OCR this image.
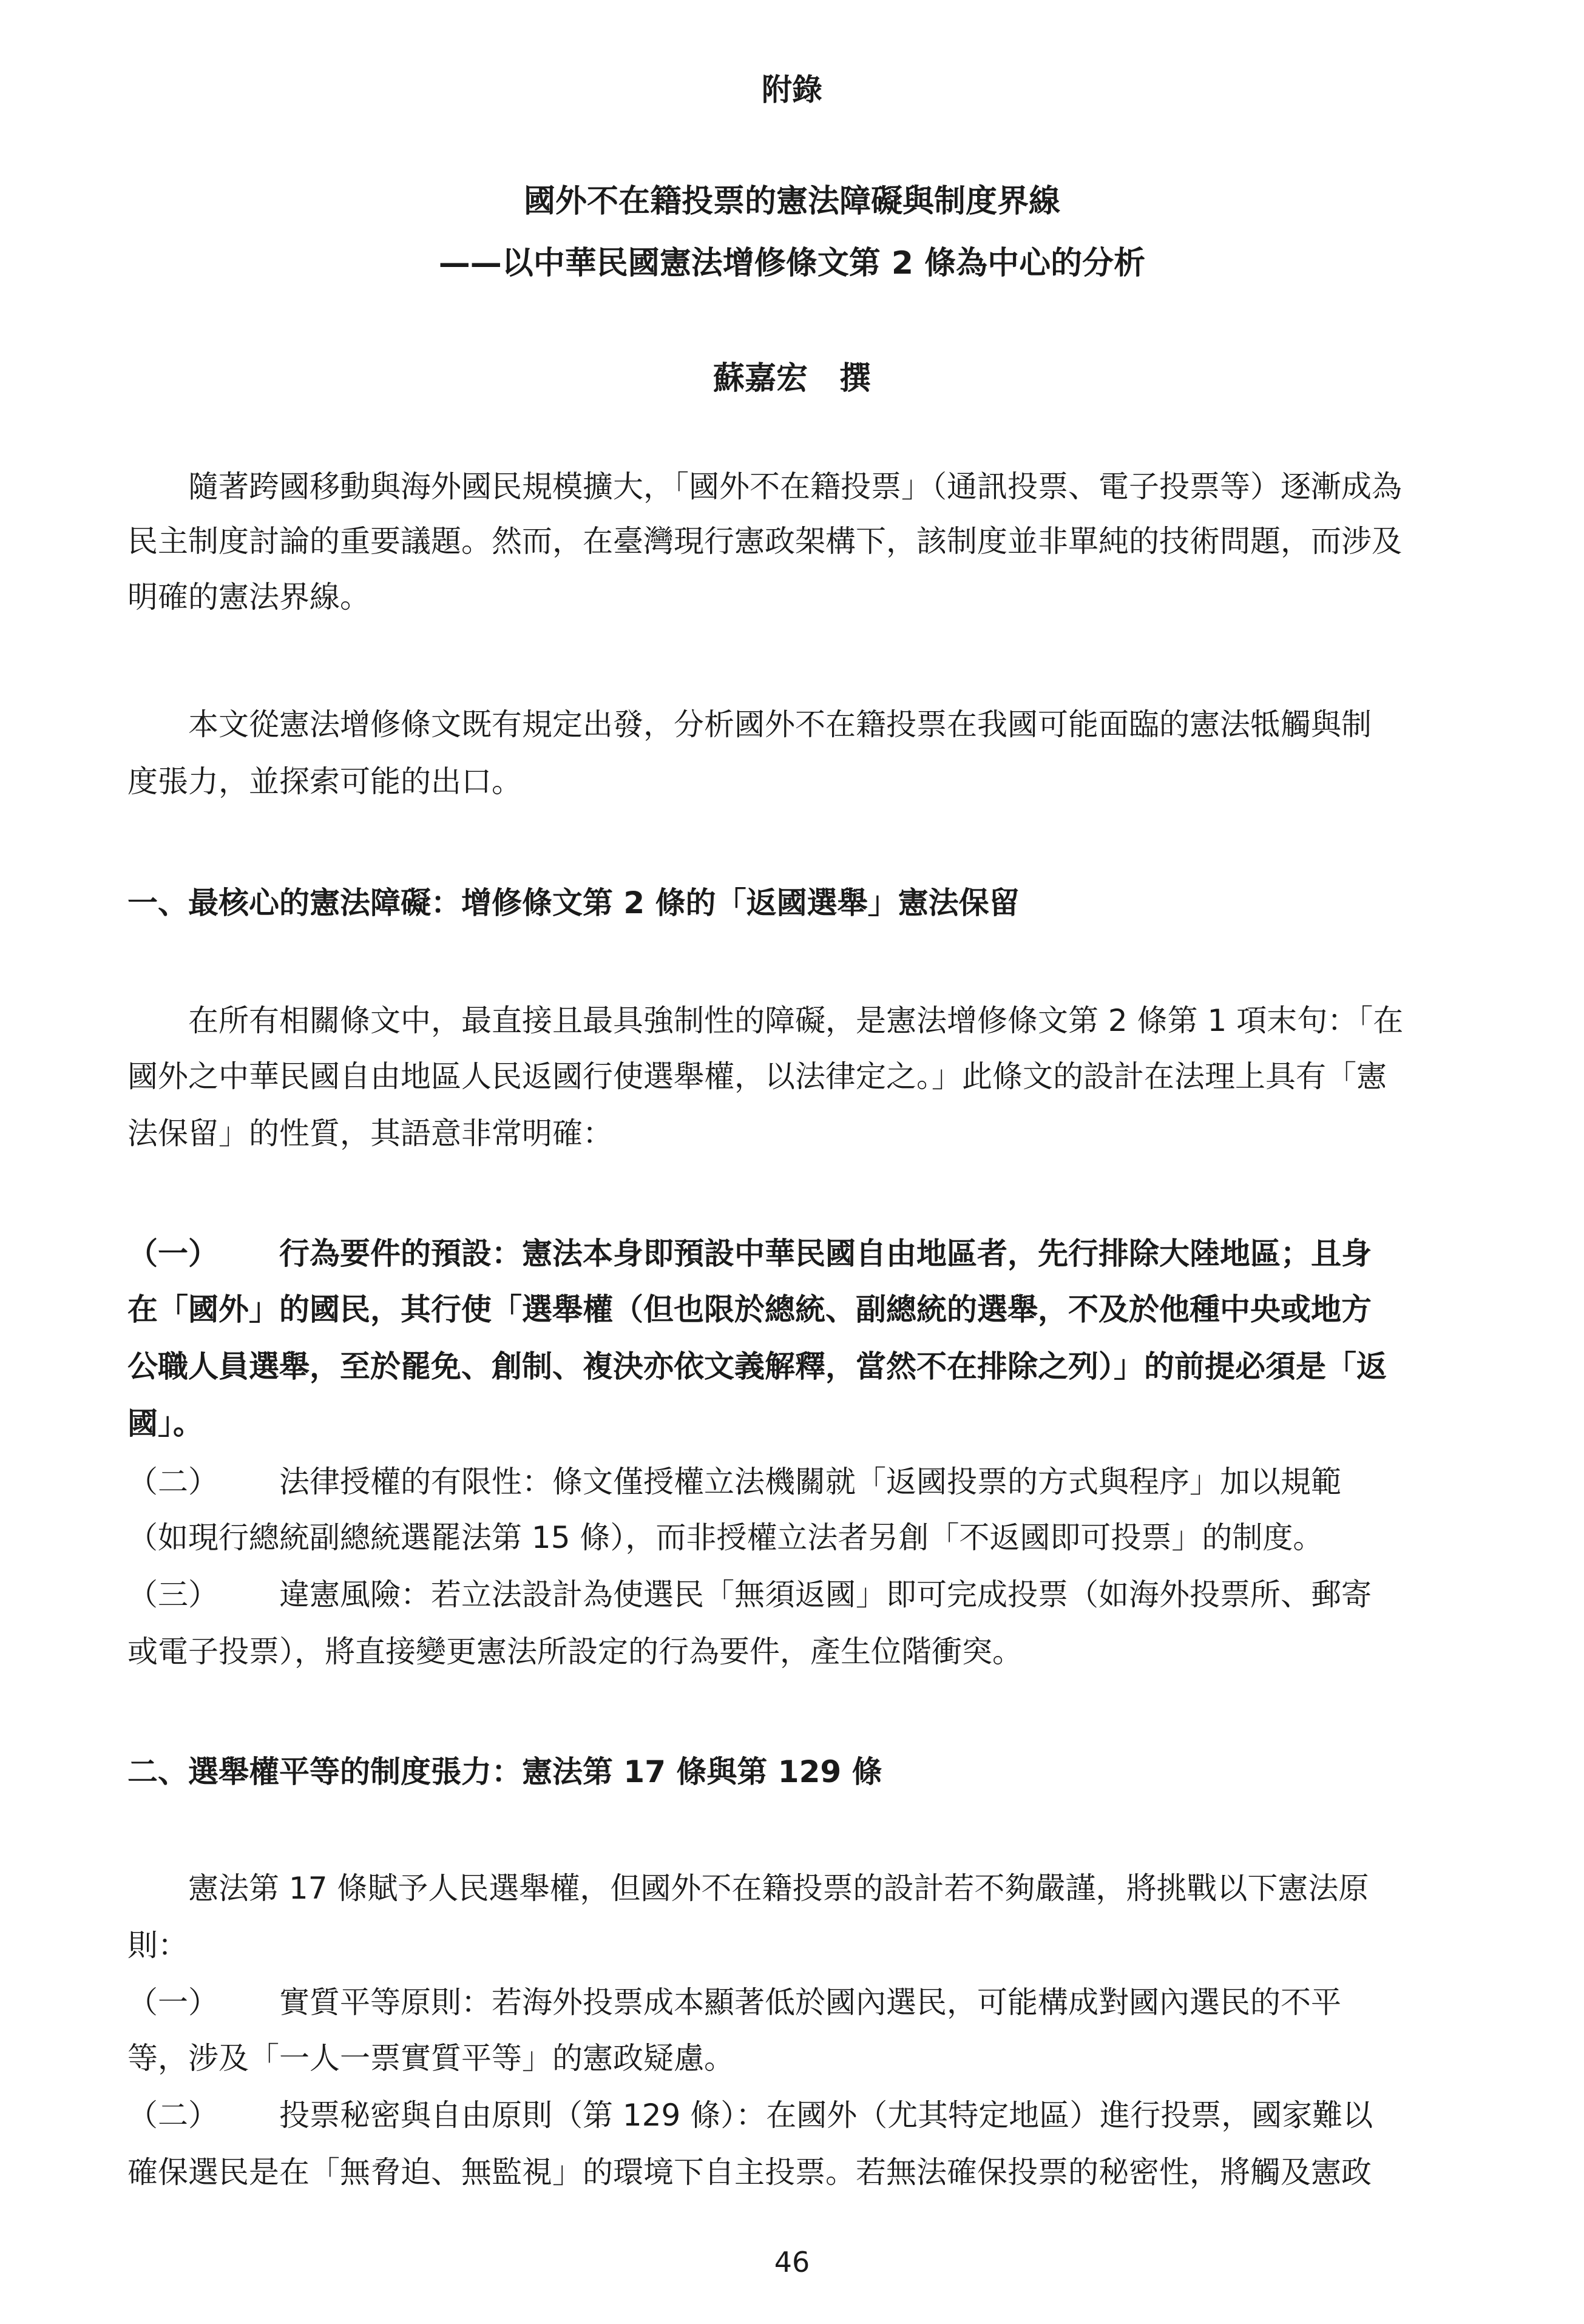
附錄
國外不在籍投票的憲法障礙與制度界線
——以中華民國憲法增修條文第 2 條為中心的分析
蘇嘉宏　撰
隨著跨國移動與海外國民規模擴大，「國外不在籍投票」（通訊投票、電子投票等）逐漸成為
民主制度討論的重要議題。然而，在臺灣現行憲政架構下，該制度並非單純的技術問題，而涉及
明確的憲法界線。
本文從憲法增修條文既有規定出發，分析國外不在籍投票在我國可能面臨的憲法牴觸與制
度張力，並探索可能的出口。
一、最核心的憲法障礙：增修條文第 2 條的「返國選舉」憲法保留
在所有相關條文中，最直接且最具強制性的障礙，是憲法增修條文第 2 條第 1 項末句：「在
國外之中華民國自由地區人民返國行使選舉權，以法律定之。」此條文的設計在法理上具有「憲
法保留」的性質，其語意非常明確：
（一） 行為要件的預設：憲法本身即預設中華民國自由地區者，先行排除大陸地區；且身
在「國外」的國民，其行使「選舉權（但也限於總統、副總統的選舉，不及於他種中央或地方
公職人員選舉，至於罷免、創制、複決亦依文義解釋，當然不在排除之列）」的前提必須是「返
國」。
（二） 法律授權的有限性：條文僅授權立法機關就「返國投票的方式與程序」加以規範
（如現行總統副總統選罷法第 15 條），而非授權立法者另創「不返國即可投票」的制度。
（三） 違憲風險：若立法設計為使選民「無須返國」即可完成投票（如海外投票所、郵寄
或電子投票），將直接變更憲法所設定的行為要件，產生位階衝突。
二、選舉權平等的制度張力：憲法第 17 條與第 129 條
憲法第 17 條賦予人民選舉權，但國外不在籍投票的設計若不夠嚴謹，將挑戰以下憲法原
則：
（一） 實質平等原則：若海外投票成本顯著低於國內選民，可能構成對國內選民的不平
等，涉及「一人一票實質平等」的憲政疑慮。
（二） 投票秘密與自由原則（第 129 條）：在國外（尤其特定地區）進行投票，國家難以
確保選民是在「無脅迫、無監視」的環境下自主投票。若無法確保投票的秘密性，將觸及憲政
46
